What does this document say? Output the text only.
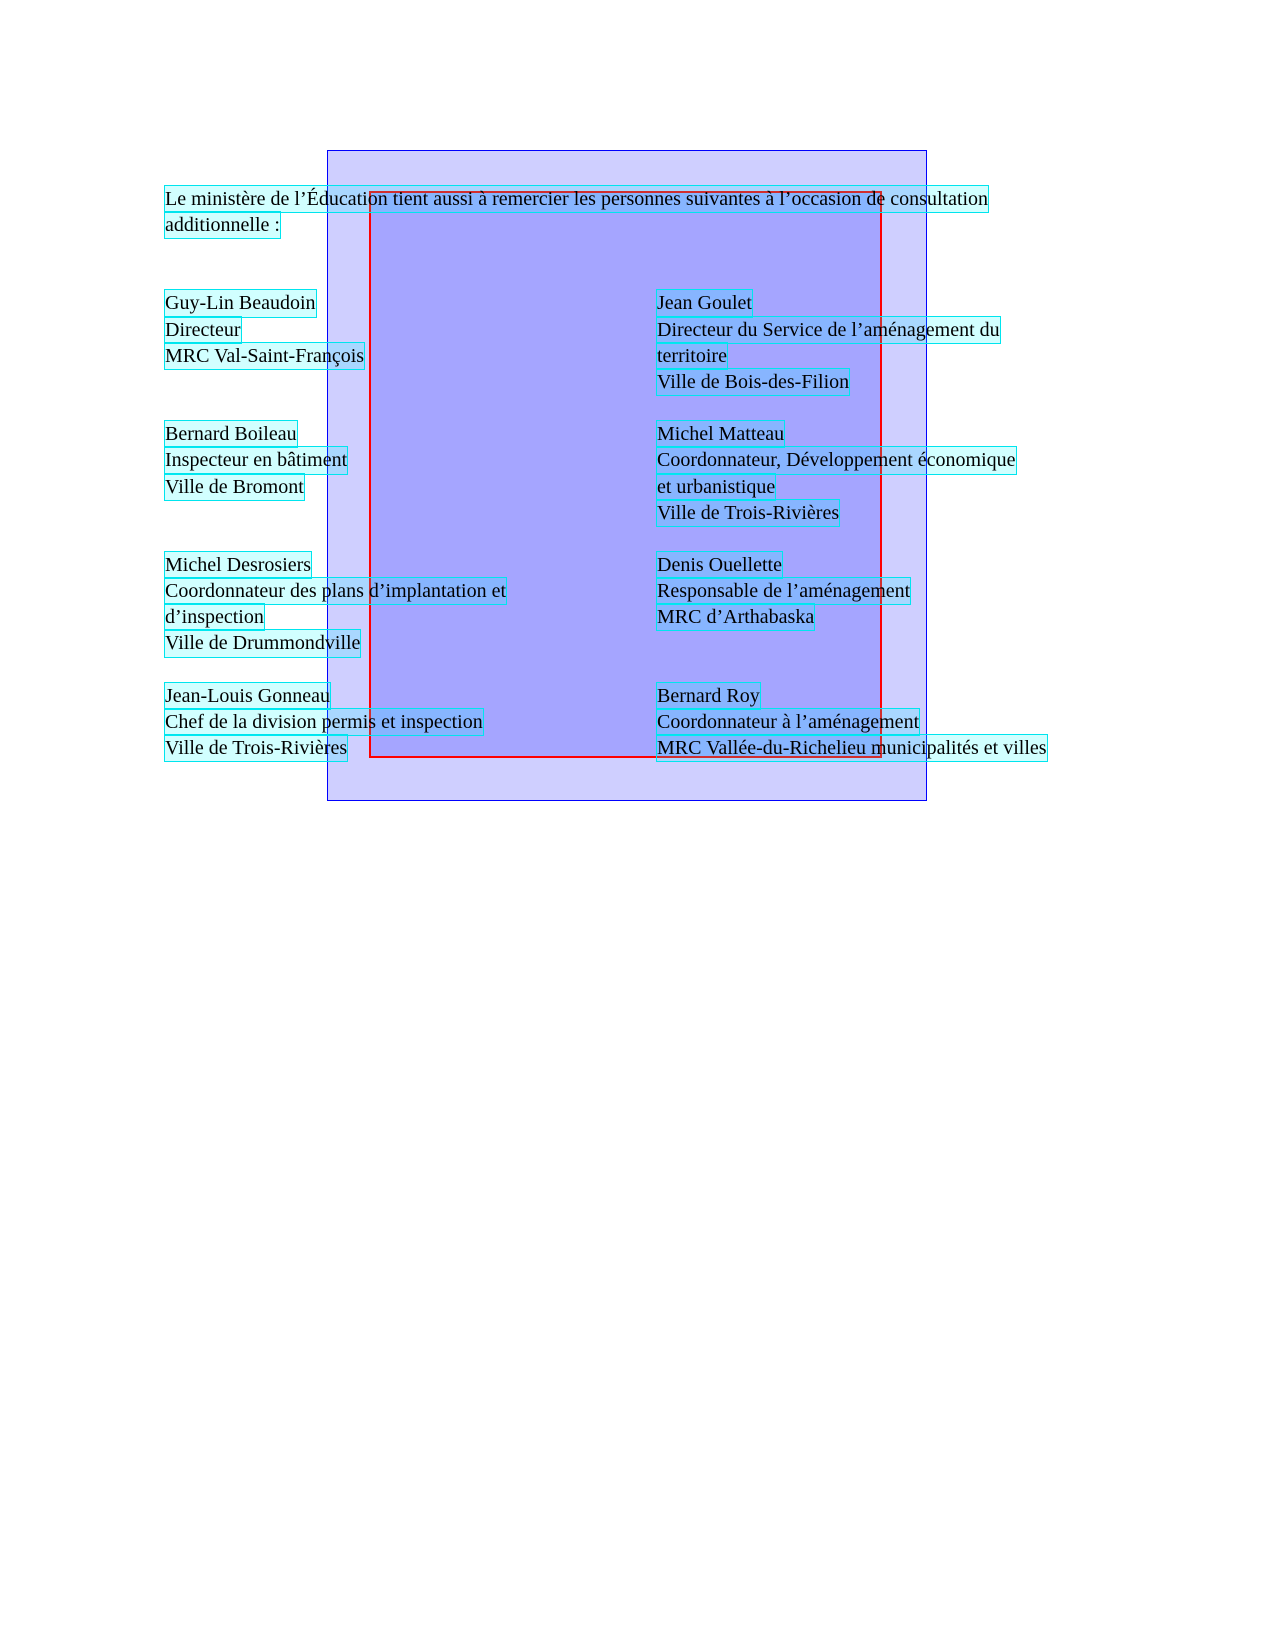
Le ministère de l’Éducation tient aussi à remercier les personnes suivantes à l’occasion de consultation
additionnelle :
Guy-Lin Beaudoin
Directeur
MRC Val-Saint-François
Jean Goulet
Directeur du Service de l’aménagement du
territoire
Ville de Bois-des-Filion
Bernard Boileau
Inspecteur en bâtiment
Ville de Bromont
Michel Matteau
Coordonnateur, Développement économique
et urbanistique
Ville de Trois-Rivières
Michel Desrosiers
Coordonnateur des plans d’implantation et
d’inspection
Ville de Drummondville
Denis Ouellette
Responsable de l’aménagement
MRC d’Arthabaska
Jean-Louis Gonneau
Chef de la division permis et inspection
Ville de Trois-Rivières
Bernard Roy
Coordonnateur à l’aménagement
MRC Vallée-du-Richelieu municipalités et villes
